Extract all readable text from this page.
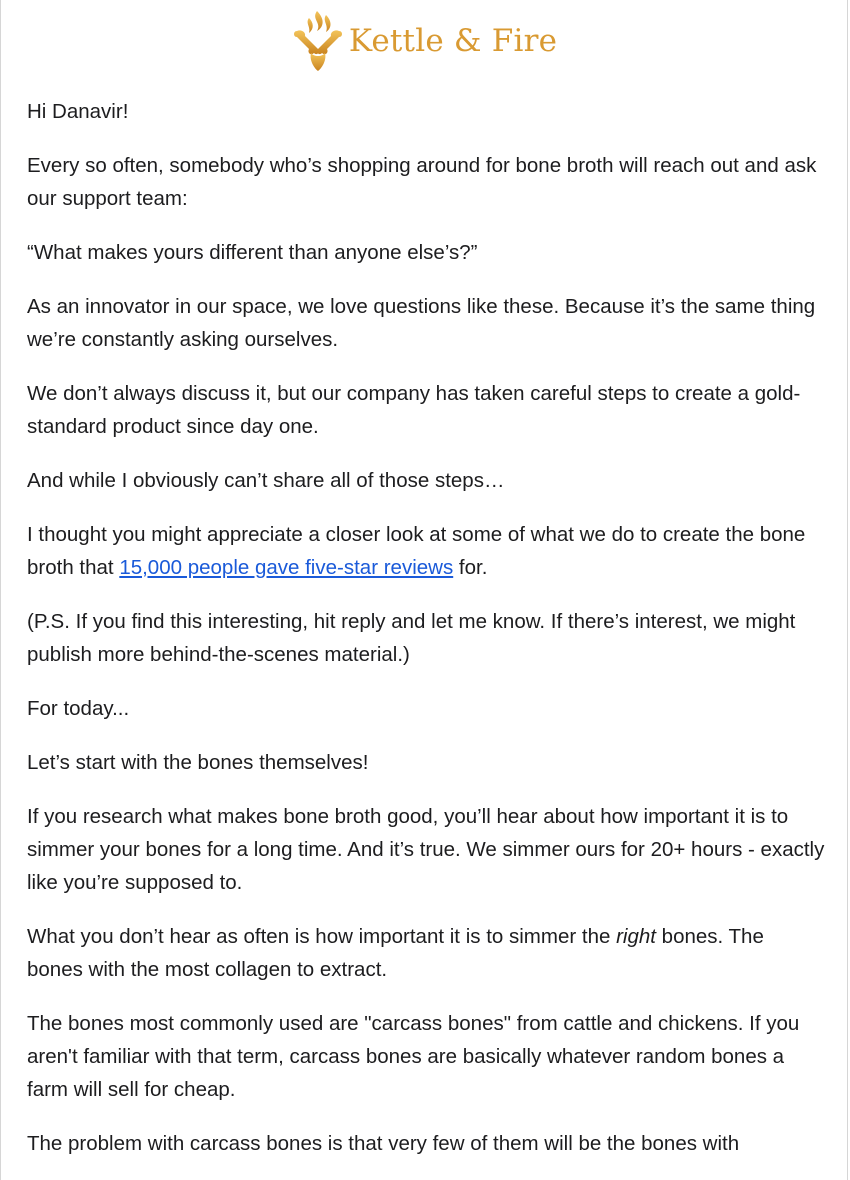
Kettle & Fire

Hi Danavir!

Every so often, somebody who’s shopping around for bone broth will reach out and ask our support team:

“What makes yours different than anyone else’s?”

As an innovator in our space, we love questions like these. Because it’s the same thing we’re constantly asking ourselves.

We don’t always discuss it, but our company has taken careful steps to create a gold-standard product since day one.

And while I obviously can’t share all of those steps…

I thought you might appreciate a closer look at some of what we do to create the bone broth that 15,000 people gave five-star reviews for.

(P.S. If you find this interesting, hit reply and let me know. If there’s interest, we might publish more behind-the-scenes material.)

For today...

Let’s start with the bones themselves!

If you research what makes bone broth good, you’ll hear about how important it is to simmer your bones for a long time. And it’s true. We simmer ours for 20+ hours - exactly like you’re supposed to.

What you don’t hear as often is how important it is to simmer the right bones. The bones with the most collagen to extract.

The bones most commonly used are "carcass bones" from cattle and chickens. If you aren't familiar with that term, carcass bones are basically whatever random bones a farm will sell for cheap.

The problem with carcass bones is that very few of them will be the bones with
